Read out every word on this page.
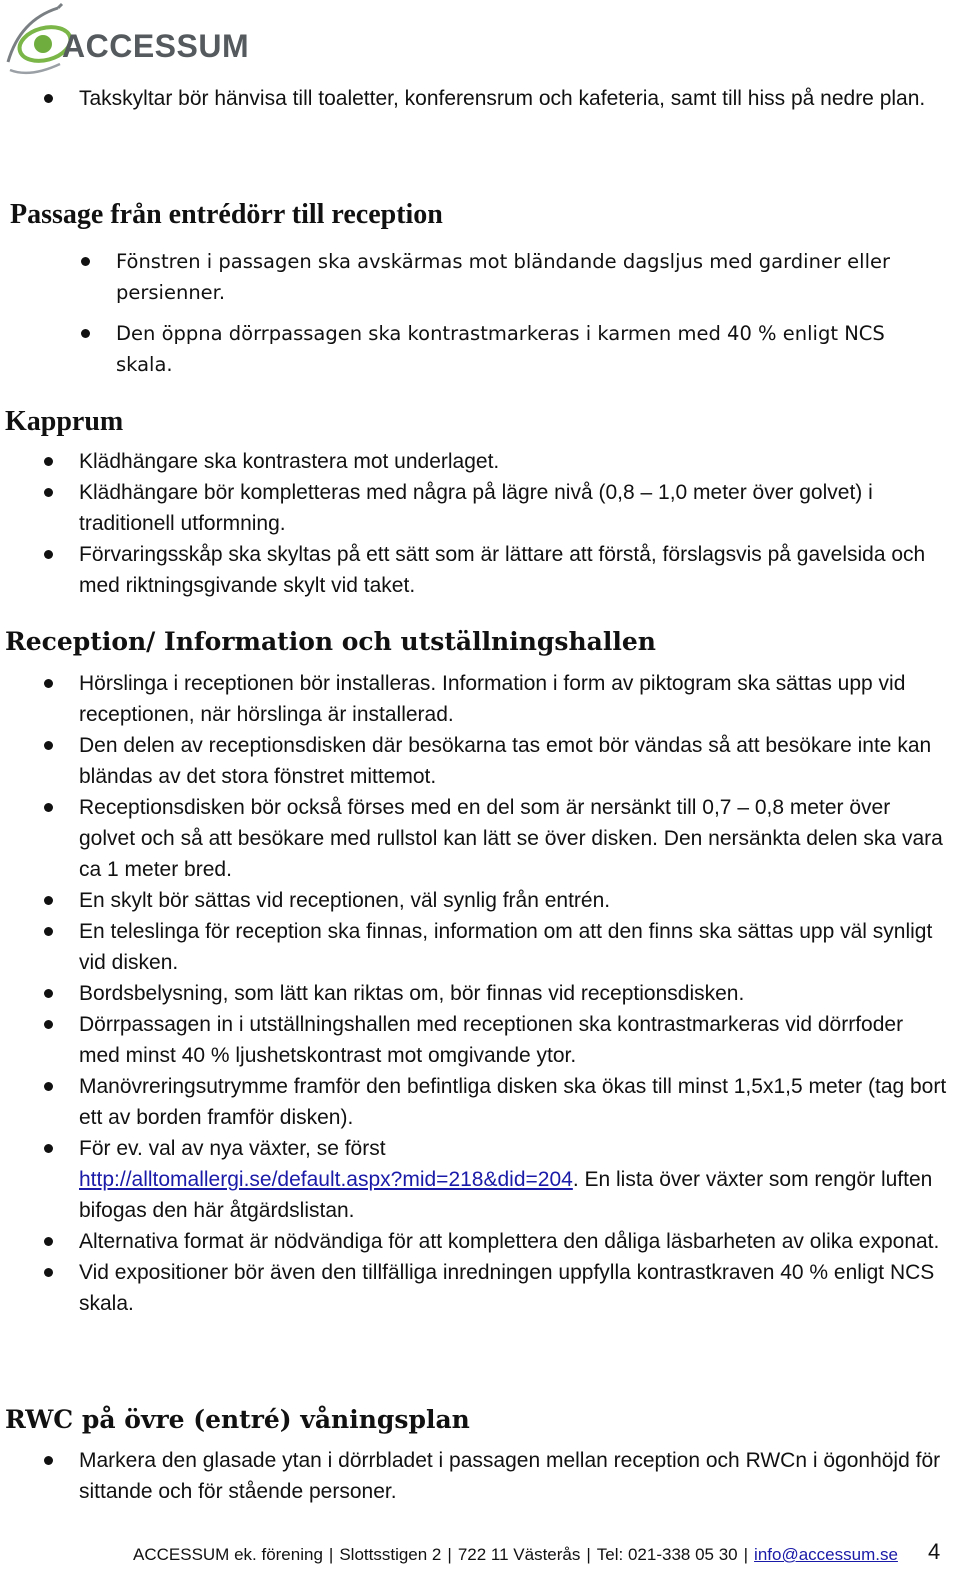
ACCESSUM
Takskyltar bör hänvisa till toaletter, konferensrum och kafeteria, samt till hiss på nedre plan.
Passage från entrédörr till reception
Fönstren i passagen ska avskärmas mot bländande dagsljus med gardiner eller persienner.
Den öppna dörrpassagen ska kontrastmarkeras i karmen med 40 % enligt NCS skala.
Kapprum
Klädhängare ska kontrastera mot underlaget.
Klädhängare bör kompletteras med några på lägre nivå (0,8 – 1,0 meter över golvet) i traditionell utformning.
Förvaringsskåp ska skyltas på ett sätt som är lättare att förstå, förslagsvis på gavelsida och med riktningsgivande skylt vid taket.
Reception/ Information och utställningshallen
Hörslinga i receptionen bör installeras. Information i form av piktogram ska sättas upp vid receptionen, när hörslinga är installerad.
Den delen av receptionsdisken där besökarna tas emot bör vändas så att besökare inte kan bländas av det stora fönstret mittemot.
Receptionsdisken bör också förses med en del som är nersänkt till 0,7 – 0,8 meter över golvet och så att besökare med rullstol kan lätt se över disken. Den nersänkta delen ska vara ca 1 meter bred.
En skylt bör sättas vid receptionen, väl synlig från entrén.
En teleslinga för reception ska finnas, information om att den finns ska sättas upp väl synligt vid disken.
Bordsbelysning, som lätt kan riktas om, bör finnas vid receptionsdisken.
Dörrpassagen in i utställningshallen med receptionen ska kontrastmarkeras vid dörrfoder med minst 40 % ljushetskontrast mot omgivande ytor.
Manövreringsutrymme framför den befintliga disken ska ökas till minst 1,5x1,5 meter (tag bort ett av borden framför disken).
För ev. val av nya växter, se först
http://alltomallergi.se/default.aspx?mid=218&did=204. En lista över växter som rengör luften bifogas den här åtgärdslistan.
Alternativa format är nödvändiga för att komplettera den dåliga läsbarheten av olika exponat.
Vid expositioner bör även den tillfälliga inredningen uppfylla kontrastkraven 40 % enligt NCS skala.
RWC på övre (entré) våningsplan
Markera den glasade ytan i dörrbladet i passagen mellan reception och RWCn i ögonhöjd för sittande och för stående personer.
ACCESSUM ek. förening | Slottsstigen 2 | 722 11 Västerås | Tel: 021-338 05 30 | info@accessum.se	4
